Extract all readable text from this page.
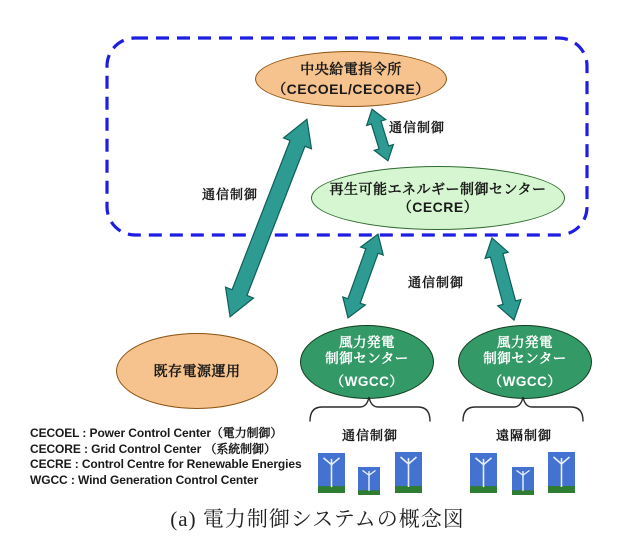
中央給電指令所
（CECOEL/CECORE）
再生可能エネルギー制御センター
（CECRE）
既存電源運用
風力発電
制御センター
（WGCC）
風力発電
制御センター
（WGCC）
通信制御
通信制御
通信制御
通信制御	遠隔制御
CECOEL : Power Control Center（電力制御）
CECORE : Grid Control Center （系統制御）
CECRE : Control Centre for Renewable Energies
WGCC : Wind Generation Control Center
(a) 電力制御システムの概念図
